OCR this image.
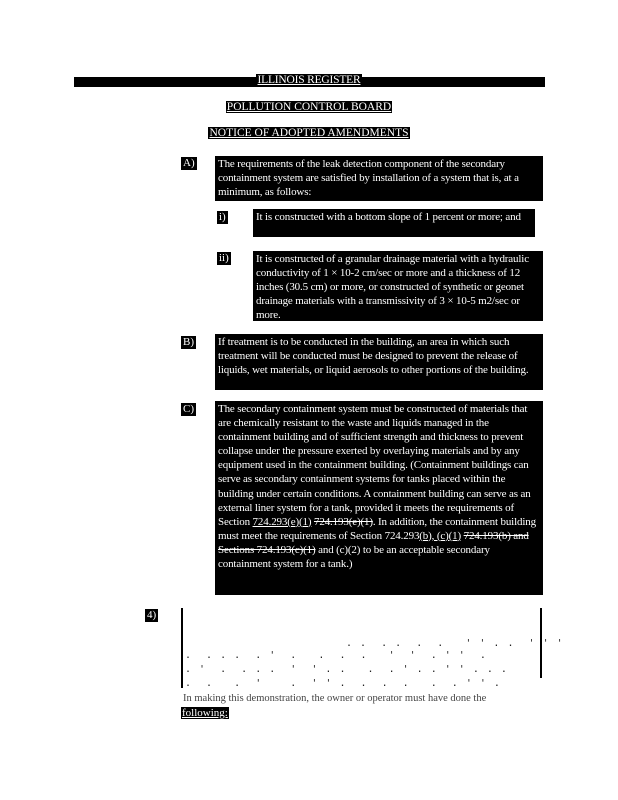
ILLINOIS REGISTER
POLLUTION CONTROL BOARD
NOTICE OF ADOPTED AMENDMENTS
A) The requirements of the leak detection component of the secondary containment system are satisfied by installation of a system that is, at a minimum, as follows:
i)	It is constructed with a bottom slope of 1 percent or more; and
ii) It is constructed of a granular drainage material with a hydraulic conductivity of 1 × 10-2 cm/sec or more and a thickness of 12 inches (30.5 cm) or more, or constructed of synthetic or geonet drainage materials with a transmissivity of 3 × 10-5 m2/sec or more.
B) If treatment is to be conducted in the building, an area in which such treatment will be conducted must be designed to prevent the release of liquids, wet materials, or liquid aerosols to other portions of the building.
C) The secondary containment system must be constructed of materials that are chemically resistant to the waste and liquids managed in the containment building and of sufficient strength and thickness to prevent collapse under the pressure exerted by overlaying materials and by any equipment used in the containment building. (Containment buildings can serve as secondary containment systems for tanks placed within the building under certain conditions. A containment building can serve as an external liner system for a tank, provided it meets the requirements of Section 724.293(e)(1) 724.193(e)(1). In addition, the containment building must meet the requirements of Section 724.293(b), (c)(1) 724.193(b) and Sections 724.193(c)(1) and (c)(2) to be an acceptable secondary containment system for a tank.)
4)
. .  . .  .  .   ' ' . .  ' ' '
.  . . .  . '  .   .  .  .   '  '  . ' '  .
. '  .  . . .  '  ' . .   .  . ' . . ' ' . . .
.  .   .  '    .  ' ' .  .  .  .   .  . ' ' .
In making this demonstration, the owner or operator must have done the
following:
